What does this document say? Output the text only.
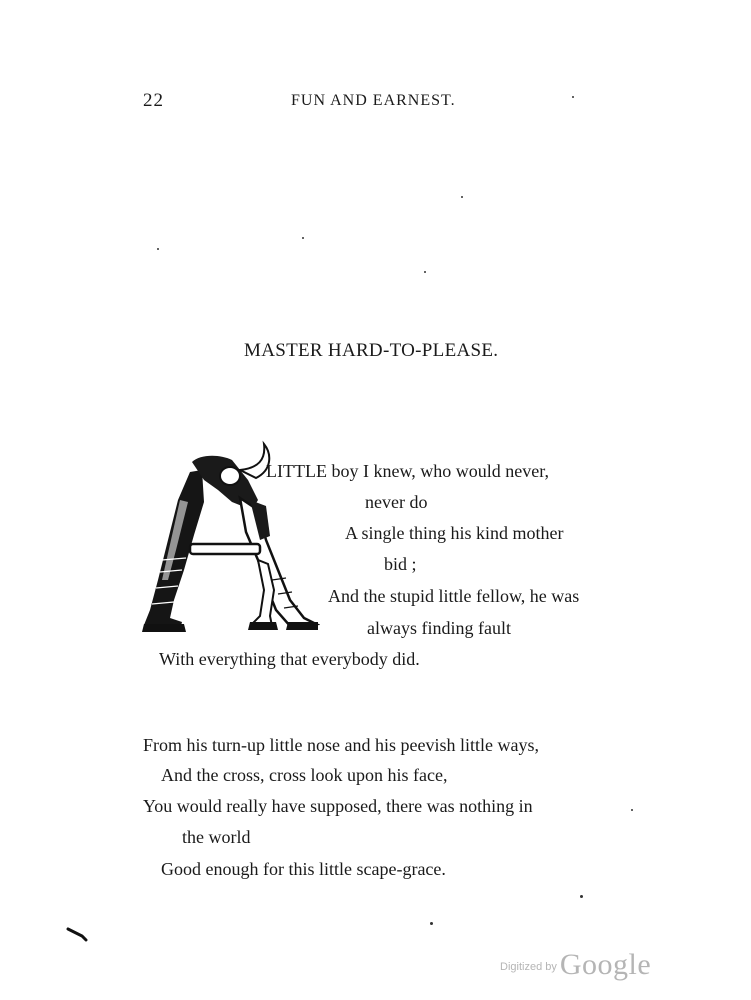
22	FUN AND EARNEST.
MASTER HARD-TO-PLEASE.
LITTLE boy I knew, who would never,
never do
A single thing his kind mother
bid ;
And the stupid little fellow, he was
always finding fault
With everything that everybody did.
From his turn-up little nose and his peevish little ways,
And the cross, cross look upon his face,
You would really have supposed, there was nothing in
the world
Good enough for this little scape-grace.
$^{Digitized by}$ Google
